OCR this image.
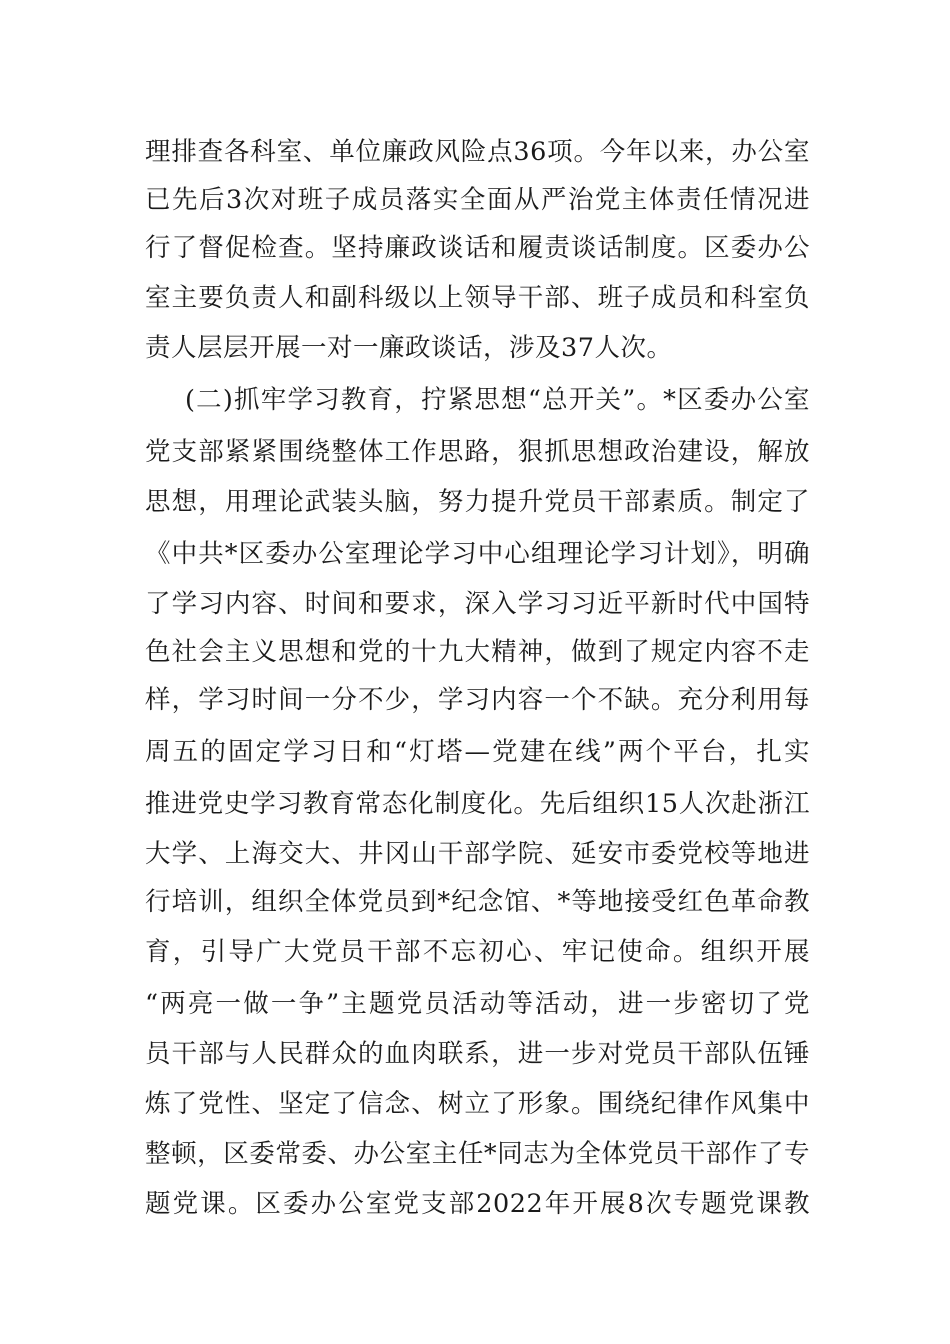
理排查各科室、单位廉政风险点36项。今年以来，办公室
已先后3次对班子成员落实全面从严治党主体责任情况进
行了督促检查。坚持廉政谈话和履责谈话制度。区委办公
室主要负责人和副科级以上领导干部、班子成员和科室负
责人层层开展一对一廉政谈话，涉及37人次。
(二)抓牢学习教育，拧紧思想“总开关”。*区委办公室
党支部紧紧围绕整体工作思路，狠抓思想政治建设，解放
思想，用理论武装头脑，努力提升党员干部素质。制定了
《中共*区委办公室理论学习中心组理论学习计划》，明确
了学习内容、时间和要求，深入学习习近平新时代中国特
色社会主义思想和党的十九大精神，做到了规定内容不走
样，学习时间一分不少，学习内容一个不缺。充分利用每
周五的固定学习日和“灯塔—党建在线”两个平台，扎实
推进党史学习教育常态化制度化。先后组织15人次赴浙江
大学、上海交大、井冈山干部学院、延安市委党校等地进
行培训，组织全体党员到*纪念馆、*等地接受红色革命教
育，引导广大党员干部不忘初心、牢记使命。组织开展
“两亮一做一争”主题党员活动等活动，进一步密切了党
员干部与人民群众的血肉联系，进一步对党员干部队伍锤
炼了党性、坚定了信念、树立了形象。围绕纪律作风集中
整顿，区委常委、办公室主任*同志为全体党员干部作了专
题党课。区委办公室党支部2022年开展8次专题党课教
